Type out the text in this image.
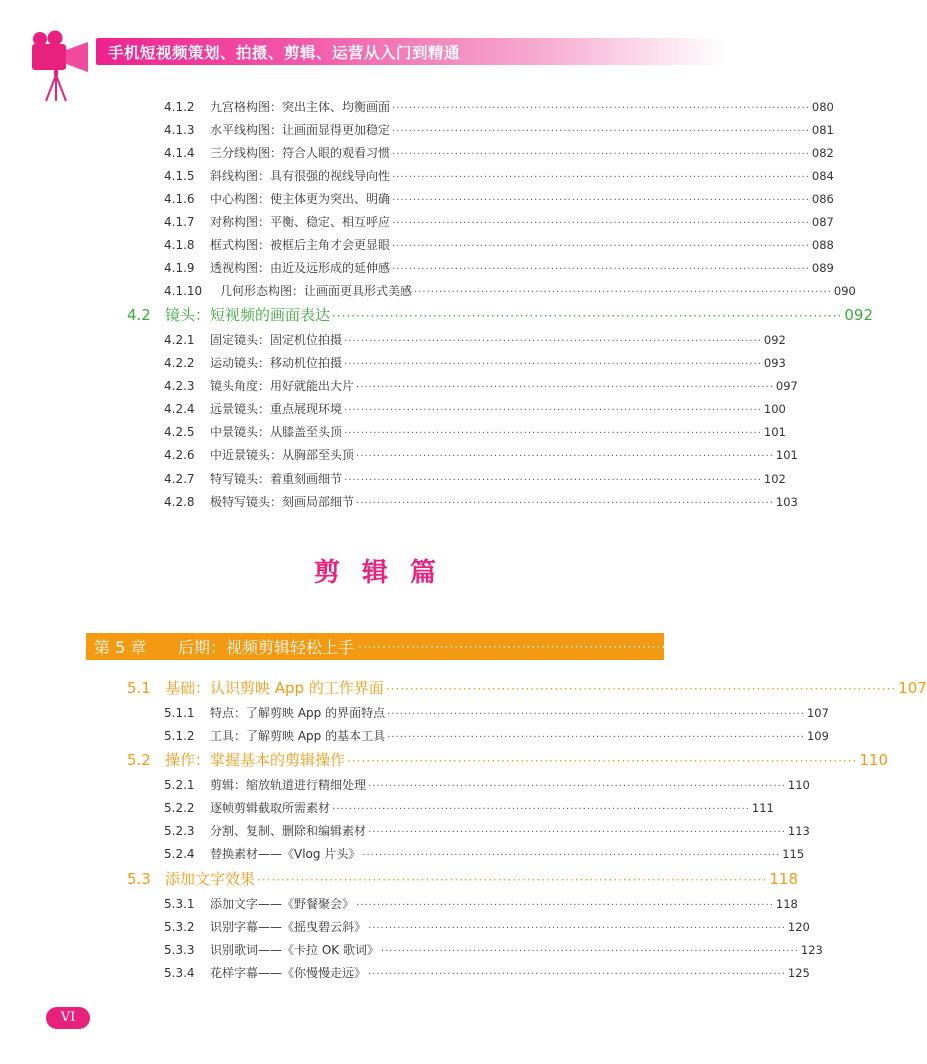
手机短视频策划、拍摄、剪辑、运营从入门到精通
4.1.2	九宫格构图：突出主体、均衡画面 ···································································································· 080
4.1.3	水平线构图：让画面显得更加稳定 ···································································································· 081
4.1.4	三分线构图：符合人眼的观看习惯 ···································································································· 082
4.1.5	斜线构图：具有很强的视线导向性 ···································································································· 084
4.1.6	中心构图：使主体更为突出、明确 ···································································································· 086
4.1.7	对称构图：平衡、稳定、相互呼应 ···································································································· 087
4.1.8	框式构图：被框后主角才会更显眼 ···································································································· 088
4.1.9	透视构图：由近及远形成的延伸感 ···································································································· 089
4.1.10	几何形态构图：让画面更具形式美感 ···································································································· 090
4.2 镜头：短视频的画面表达 ·········································································································· 092
4.2.1	固定镜头：固定机位拍摄 ···································································································· 092
4.2.2	运动镜头：移动机位拍摄 ···································································································· 093
4.2.3	镜头角度：用好就能出大片 ···································································································· 097
4.2.4	远景镜头：重点展现环境 ···································································································· 100
4.2.5	中景镜头：从膝盖至头顶 ···································································································· 101
4.2.6	中近景镜头：从胸部至头顶 ···································································································· 101
4.2.7	特写镜头：着重刻画细节 ···································································································· 102
4.2.8	极特写镜头：刻画局部细节 ···································································································· 103
剪辑篇
第 5 章	后期：视频剪辑轻松上手 ······································································································ 106
5.1 基础：认识剪映 App 的工作界面 ·········································································································· 107
5.1.1	特点：了解剪映 App 的界面特点 ···································································································· 107
5.1.2	工具：了解剪映 App 的基本工具 ···································································································· 109
5.2 操作：掌握基本的剪辑操作 ·········································································································· 110
5.2.1	剪辑：缩放轨道进行精细处理 ···································································································· 110
5.2.2	逐帧剪辑截取所需素材 ···································································································· 111
5.2.3	分割、复制、删除和编辑素材 ···································································································· 113
5.2.4	替换素材——《Vlog 片头》 ···································································································· 115
5.3 添加文字效果 ·········································································································· 118
5.3.1	添加文字——《野餐聚会》 ···································································································· 118
5.3.2	识别字幕——《摇曳碧云斜》 ···································································································· 120
5.3.3	识别歌词——《卡拉 OK 歌词》 ···································································································· 123
5.3.4	花样字幕——《你慢慢走远》 ···································································································· 125
VI
